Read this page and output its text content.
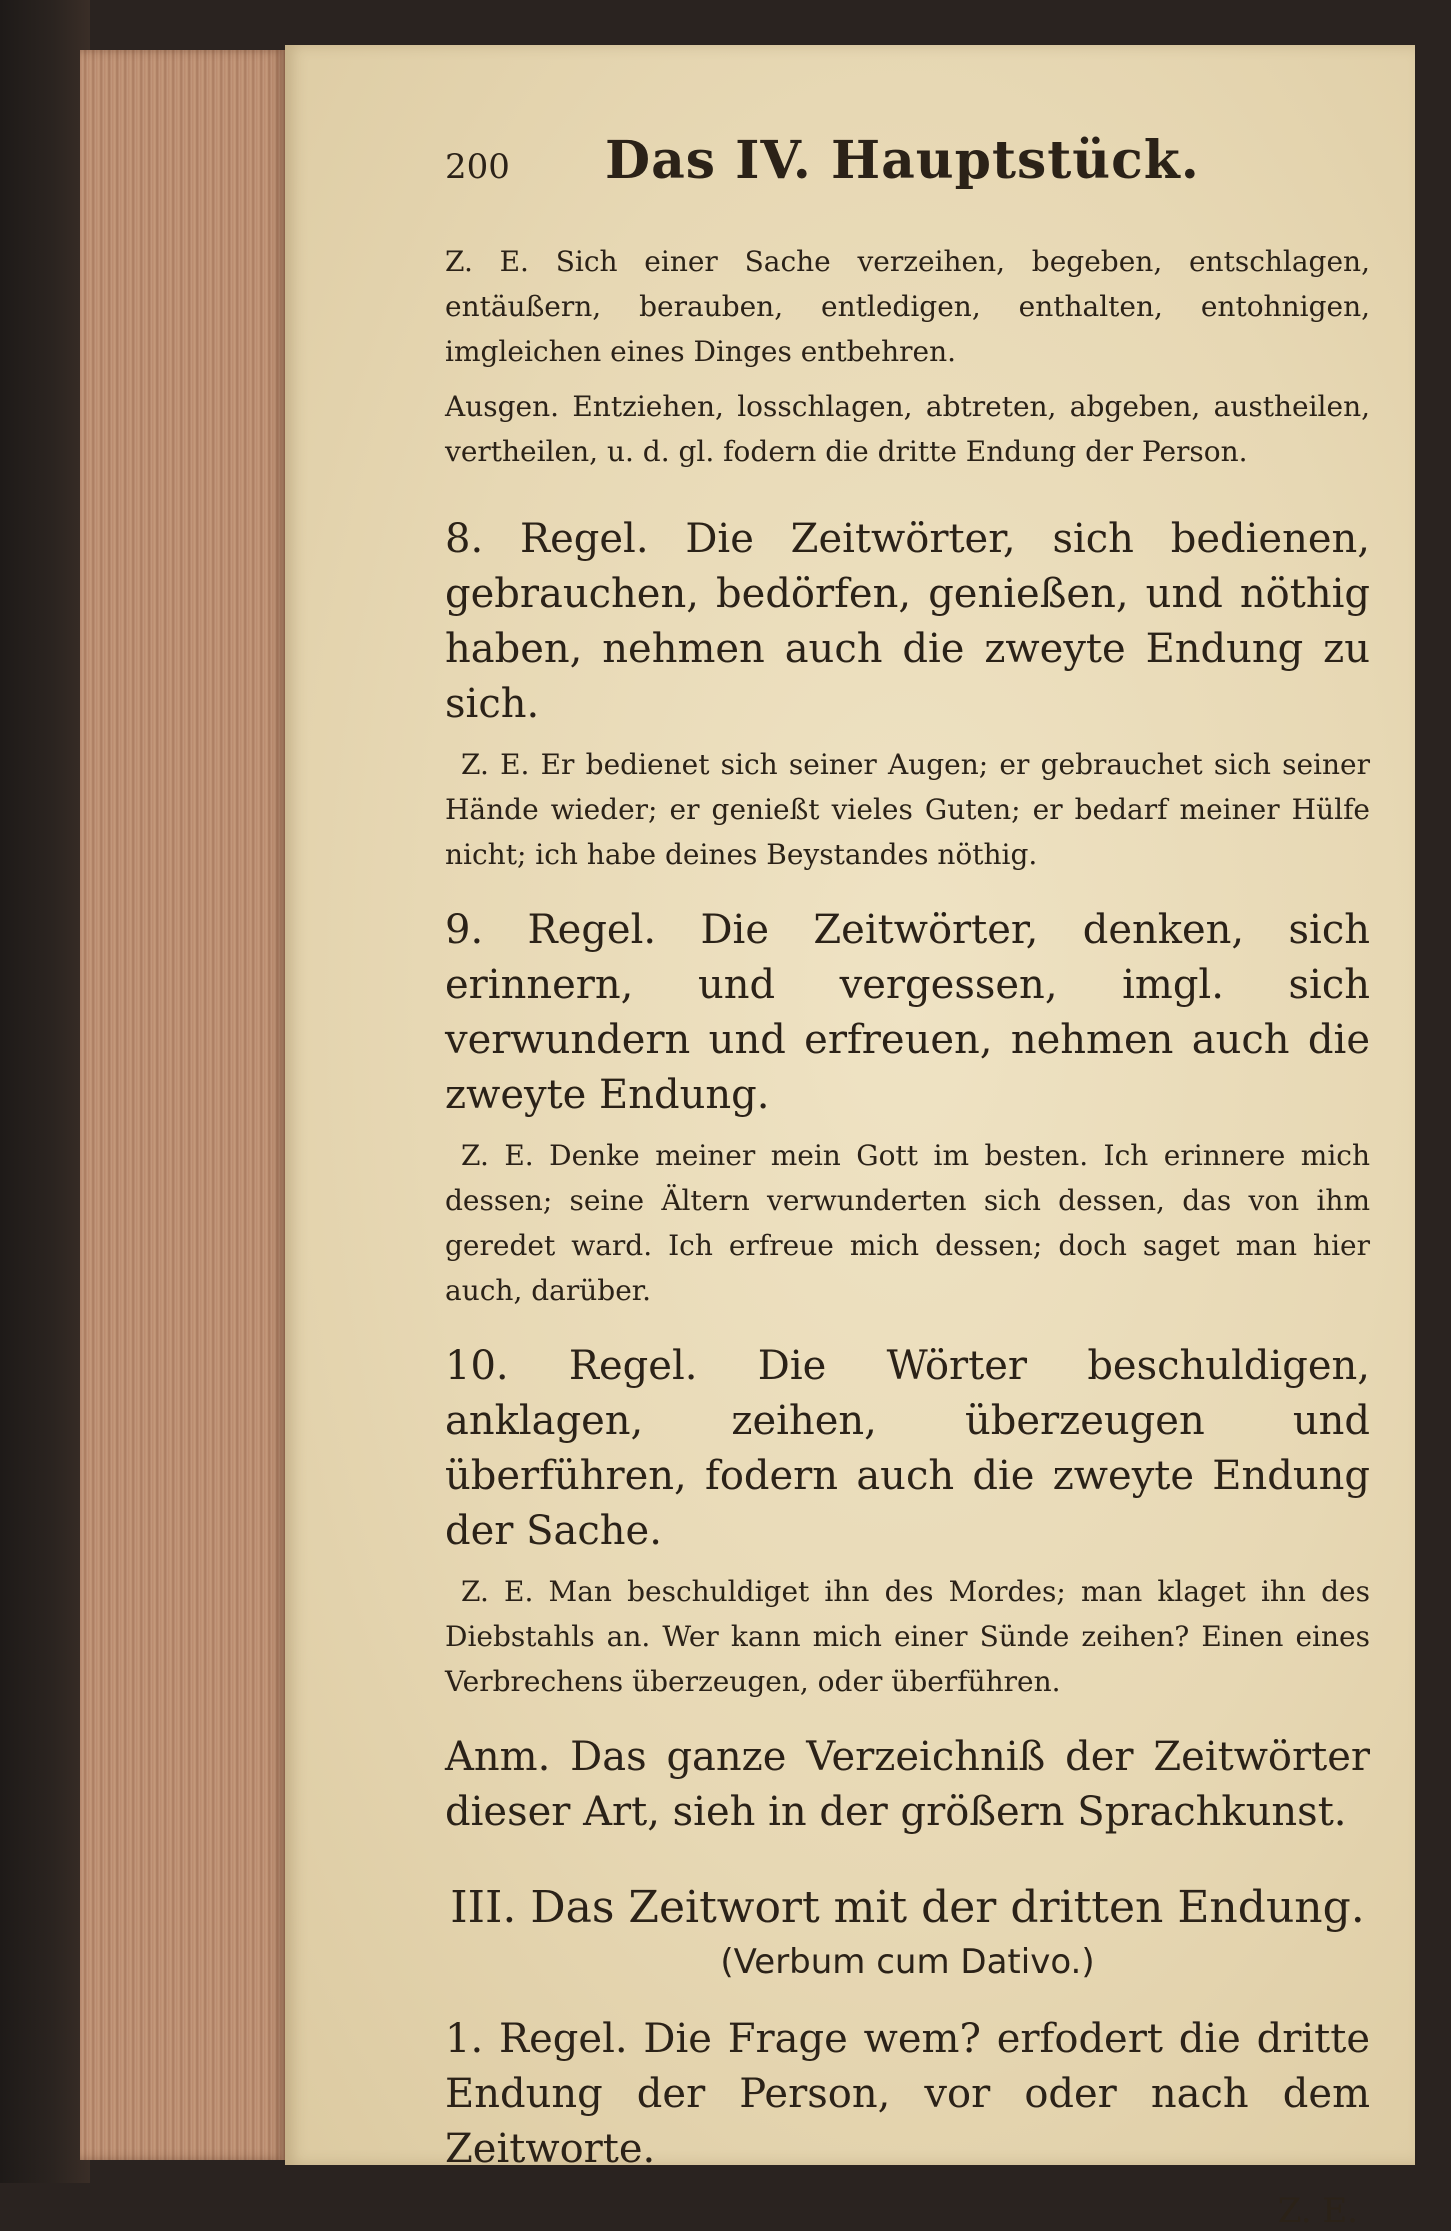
200	Das IV. Hauptstück.

Z. E. Sich einer Sache verzeihen, begeben, entschlagen, entäußern, berauben, entledigen, enthalten, entohnigen, imgleichen eines Dinges entbehren.

Ausgen. Entziehen, losschlagen, abtreten, abgeben, austheilen, vertheilen, u. d. gl. fodern die dritte Endung der Person.

8. Regel. Die Zeitwörter, sich bedienen, gebrauchen, bedörfen, genießen, und nöthig haben, nehmen auch die zweyte Endung zu sich.

Z. E. Er bedienet sich seiner Augen; er gebrauchet sich seiner Hände wieder; er genießt vieles Guten; er bedarf meiner Hülfe nicht; ich habe deines Beystandes nöthig.

9. Regel. Die Zeitwörter, denken, sich erinnern, und vergessen, imgl. sich verwundern und erfreuen, nehmen auch die zweyte Endung.

Z. E. Denke meiner mein Gott im besten. Ich erinnere mich dessen; seine Ältern verwunderten sich dessen, das von ihm geredet ward. Ich erfreue mich dessen; doch saget man hier auch, darüber.

10. Regel. Die Wörter beschuldigen, anklagen, zeihen, überzeugen und überführen, fodern auch die zweyte Endung der Sache.

Z. E. Man beschuldiget ihn des Mordes; man klaget ihn des Diebstahls an. Wer kann mich einer Sünde zeihen? Einen eines Verbrechens überzeugen, oder überführen.

Anm. Das ganze Verzeichniß der Zeitwörter dieser Art, sieh in der größern Sprachkunst.

III. Das Zeitwort mit der dritten Endung.

(Verbum cum Dativo.)

1. Regel. Die Frage wem? erfodert die dritte Endung der Person, vor oder nach dem Zeitworte.

Z. E.
